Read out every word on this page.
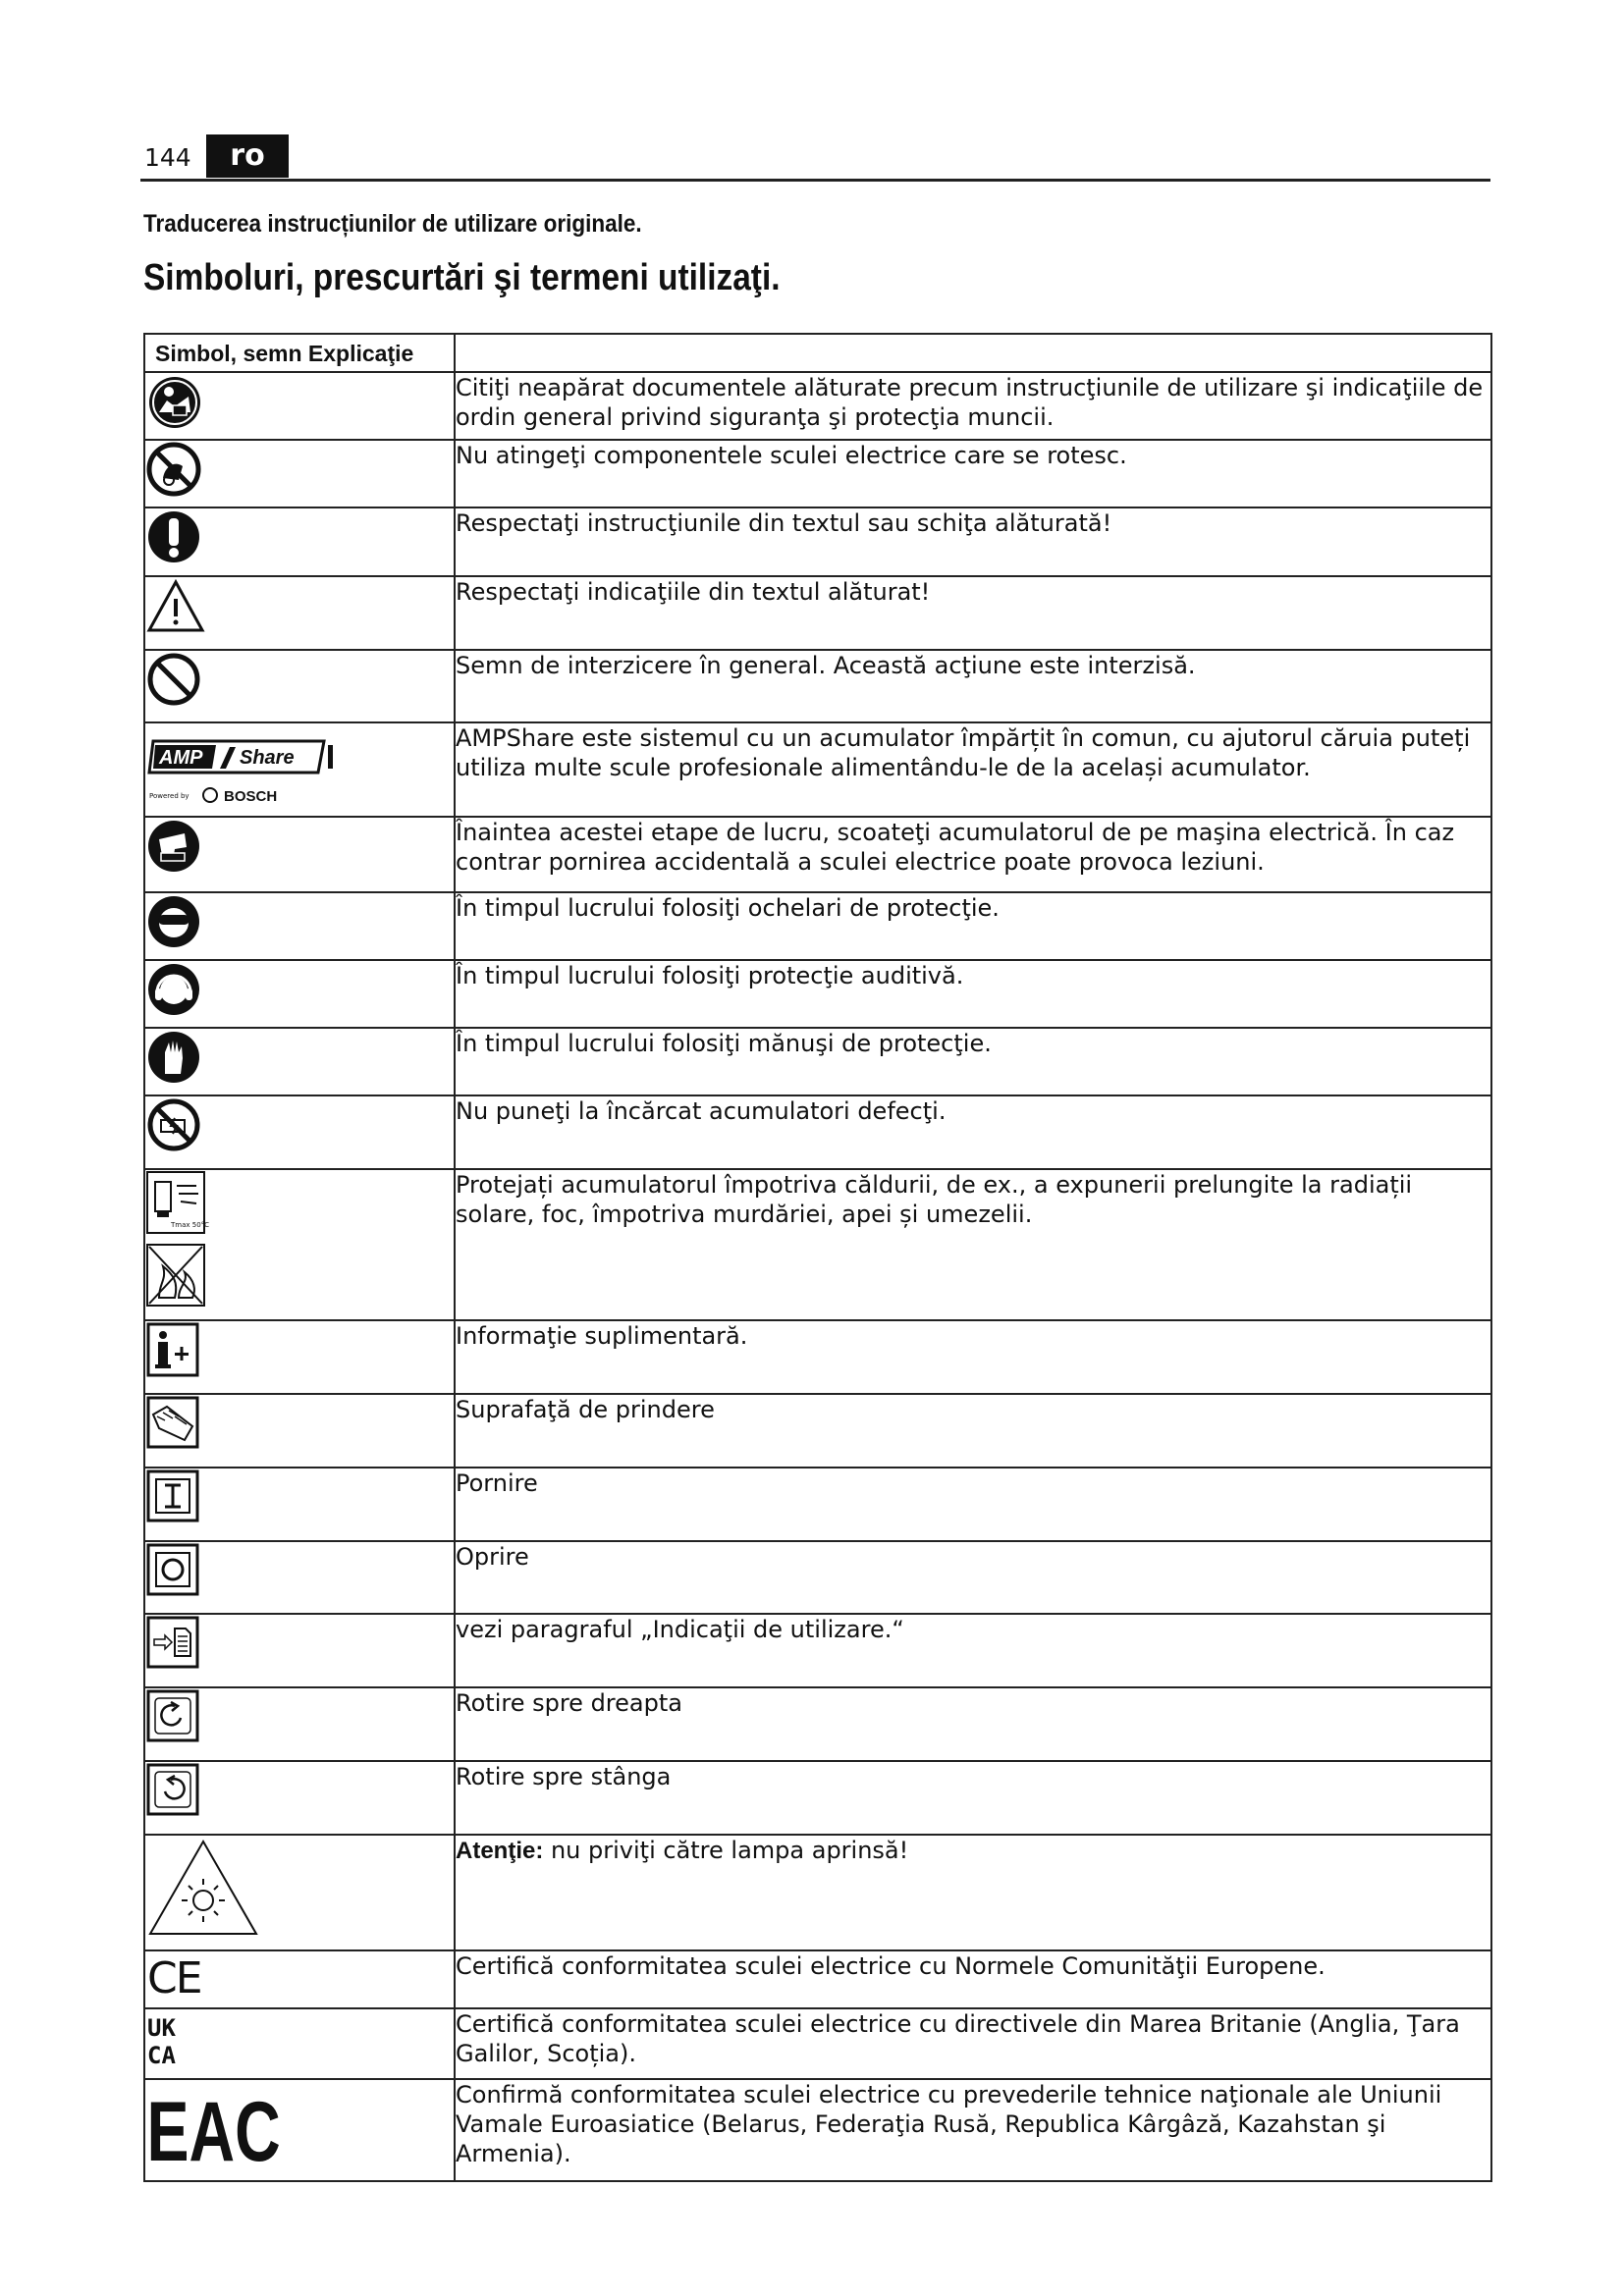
144	ro
Traducerea instrucțiunilor de utilizare originale.
Simboluri, prescurtări şi termeni utilizaţi.
Simbol, semn Explicaţie	

	Citiţi neapărat documentele alăturate precum instrucţiunile de utilizare şi indicaţiile de ordin general privind siguranţa şi protecţia muncii.

	Nu atingeţi componentele sculei electrice care se rotesc.

	Respectaţi instrucţiunile din textul sau schiţa alăturată!

	Respectaţi indicaţiile din textul alăturat!

	Semn de interzicere în general. Această acţiune este interzisă.

AMP Share
Powered by BOSCH	AMPShare este sistemul cu un acumulator împărțit în comun, cu ajutorul căruia puteți utiliza multe scule profesionale alimentându-le de la același acumulator.

	Înaintea acestei etape de lucru, scoateţi acumulatorul de pe maşina electrică. În caz contrar pornirea accidentală a sculei electrice poate provoca leziuni.

	În timpul lucrului folosiţi ochelari de protecţie.

	În timpul lucrului folosiţi protecţie auditivă.

	În timpul lucrului folosiţi mănuşi de protecţie.

	Nu puneţi la încărcat acumulatori defecţi.

Tmax 50°C	Protejați acumulatorul împotriva căldurii, de ex., a expunerii prelungite la radiații solare, foc, împotriva murdăriei, apei și umezelii.

	Informaţie suplimentară.

	Suprafaţă de prindere

	Pornire

	Oprire

	vezi paragraful „Indicaţii de utilizare.“

	Rotire spre dreapta

	Rotire spre stânga

	Atenţie: nu priviţi către lampa aprinsă!

CE	Certifică conformitatea sculei electrice cu Normele Comunităţii Europene.

UK
CA	Certifică conformitatea sculei electrice cu directivele din Marea Britanie (Anglia, Ţara Galilor, Scoția).

EAC	Confirmă conformitatea sculei electrice cu prevederile tehnice naţionale ale Uniunii Vamale Euroasiatice (Belarus, Federaţia Rusă, Republica Kârgâză, Kazahstan şi Armenia).
